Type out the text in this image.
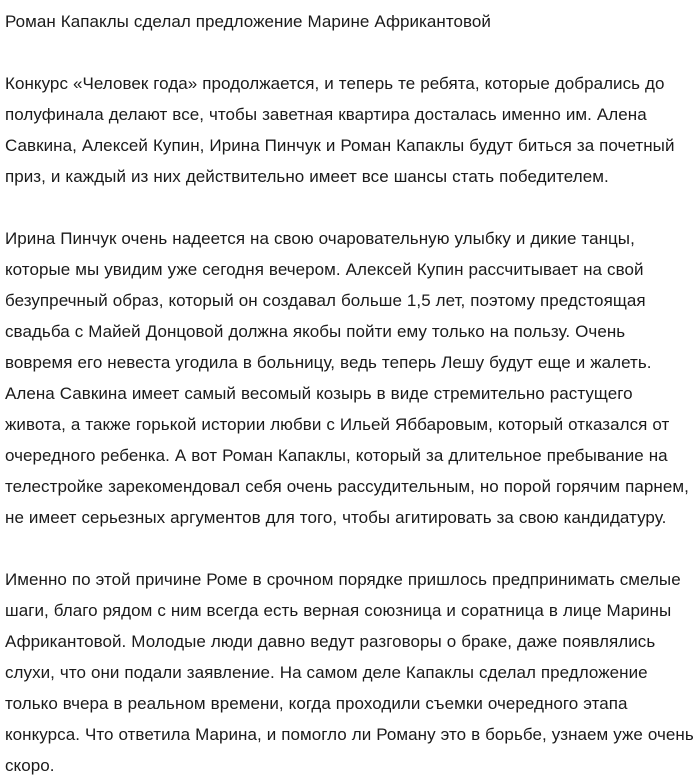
Роман Капаклы сделал предложение Марине Африкантовой

Конкурс «Человек года» продолжается, и теперь те ребята, которые добрались до полуфинала делают все, чтобы заветная квартира досталась именно им. Алена Савкина, Алексей Купин, Ирина Пинчук и Роман Капаклы будут биться за почетный приз, и каждый из них действительно имеет все шансы стать победителем.

Ирина Пинчук очень надеется на свою очаровательную улыбку и дикие танцы, которые мы увидим уже сегодня вечером. Алексей Купин рассчитывает на свой безупречный образ, который он создавал больше 1,5 лет, поэтому предстоящая свадьба с Майей Донцовой должна якобы пойти ему только на пользу. Очень вовремя его невеста угодила в больницу, ведь теперь Лешу будут еще и жалеть. Алена Савкина имеет самый весомый козырь в виде стремительно растущего живота, а также горькой истории любви с Ильей Яббаровым, который отказался от очередного ребенка. А вот Роман Капаклы, который за длительное пребывание на телестройке зарекомендовал себя очень рассудительным, но порой горячим парнем, не имеет серьезных аргументов для того, чтобы агитировать за свою кандидатуру.

Именно по этой причине Роме в срочном порядке пришлось предпринимать смелые шаги, благо рядом с ним всегда есть верная союзница и соратница в лице Марины Африкантовой. Молодые люди давно ведут разговоры о браке, даже появлялись слухи, что они подали заявление. На самом деле Капаклы сделал предложение только вчера в реальном времени, когда проходили съемки очередного этапа конкурса. Что ответила Марина, и помогло ли Роману это в борьбе, узнаем уже очень скоро.
